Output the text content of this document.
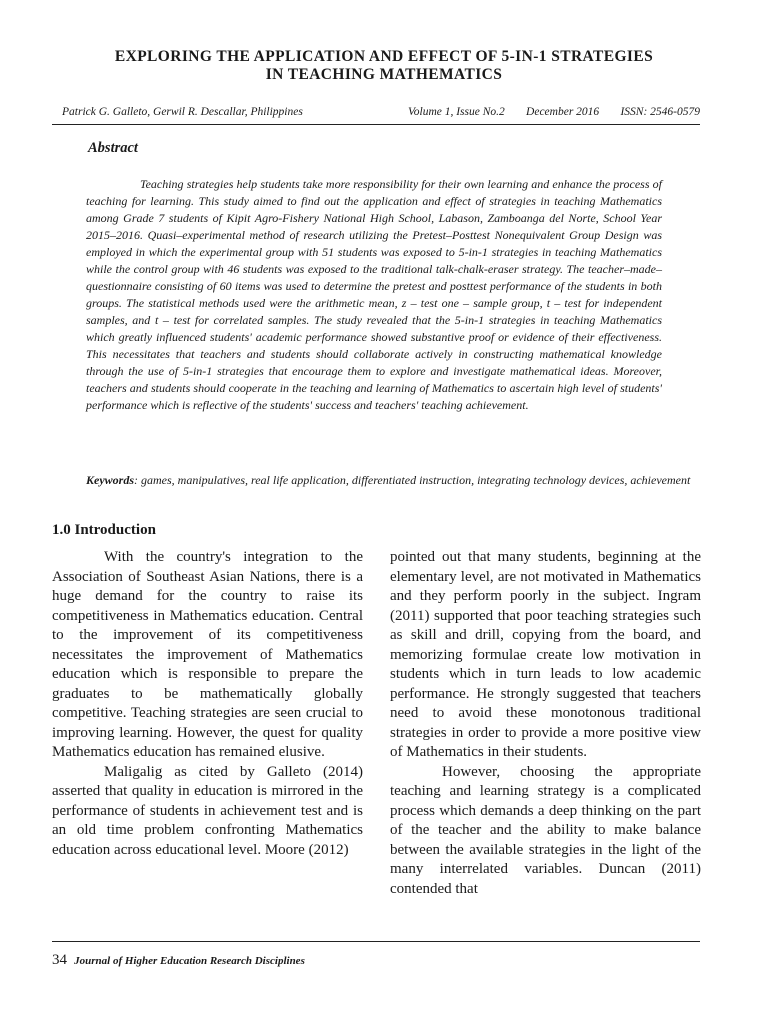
EXPLORING THE APPLICATION AND EFFECT OF 5-IN-1 STRATEGIES
IN TEACHING MATHEMATICS
Patrick G. Galleto, Gerwil R. Descallar, Philippines	Volume 1, Issue No.2 December 2016 ISSN: 2546-0579
Abstract

Teaching strategies help students take more responsibility for their own learning and enhance the process of teaching for learning. This study aimed to find out the application and effect of strategies in teaching Mathematics among Grade 7 students of Kipit Agro-Fishery National High School, Labason, Zamboanga del Norte, School Year 2015–2016. Quasi–experimental method of research utilizing the Pretest–Posttest Nonequivalent Group Design was employed in which the experimental group with 51 students was exposed to 5-in-1 strategies in teaching Mathematics while the control group with 46 students was exposed to the traditional talk-chalk-eraser strategy. The teacher–made–questionnaire consisting of 60 items was used to determine the pretest and posttest performance of the students in both groups. The statistical methods used were the arithmetic mean, z – test one – sample group, t – test for independent samples, and t – test for correlated samples. The study revealed that the 5-in-1 strategies in teaching Mathematics which greatly influenced students' academic performance showed substantive proof or evidence of their effectiveness. This necessitates that teachers and students should collaborate actively in constructing mathematical knowledge through the use of 5-in-1 strategies that encourage them to explore and investigate mathematical ideas. Moreover, teachers and students should cooperate in the teaching and learning of Mathematics to ascertain high level of students' performance which is reflective of the students' success and teachers' teaching achievement.

Keywords: games, manipulatives, real life application, differentiated instruction, integrating technology devices, achievement

1.0 Introduction

With the country's integration to the Association of Southeast Asian Nations, there is a huge demand for the country to raise its competitiveness in Mathematics education. Central to the improvement of its competitiveness necessitates the improvement of Mathematics education which is responsible to prepare the graduates to be mathematically globally competitive. Teaching strategies are seen crucial to improving learning. However, the quest for quality Mathematics education has remained elusive.

Maligalig as cited by Galleto (2014) asserted that quality in education is mirrored in the performance of students in achievement test and is an old time problem confronting Mathematics education across educational level. Moore (2012)

pointed out that many students, beginning at the elementary level, are not motivated in Mathematics and they perform poorly in the subject. Ingram (2011) supported that poor teaching strategies such as skill and drill, copying from the board, and memorizing formulae create low motivation in students which in turn leads to low academic performance. He strongly suggested that teachers need to avoid these monotonous traditional strategies in order to provide a more positive view of Mathematics in their students.

However, choosing the appropriate teaching and learning strategy is a complicated process which demands a deep thinking on the part of the teacher and the ability to make balance between the available strategies in the light of the many interrelated variables. Duncan (2011) contended that

34 Journal of Higher Education Research Disciplines
